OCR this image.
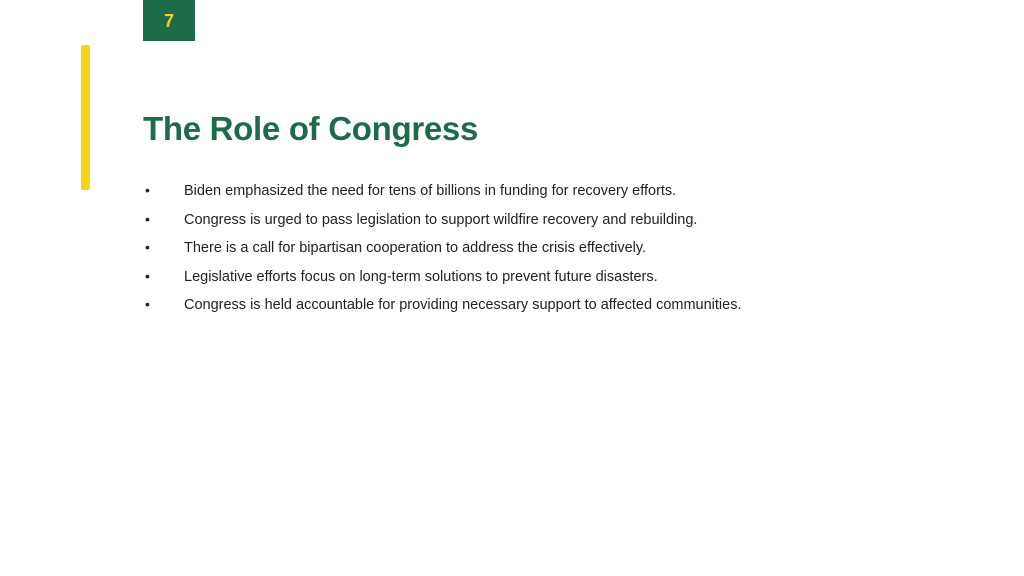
7
The Role of Congress
•	Biden emphasized the need for tens of billions in funding for recovery efforts.
•	Congress is urged to pass legislation to support wildfire recovery and rebuilding.
•	There is a call for bipartisan cooperation to address the crisis effectively.
•	Legislative efforts focus on long-term solutions to prevent future disasters.
•	Congress is held accountable for providing necessary support to affected communities.
